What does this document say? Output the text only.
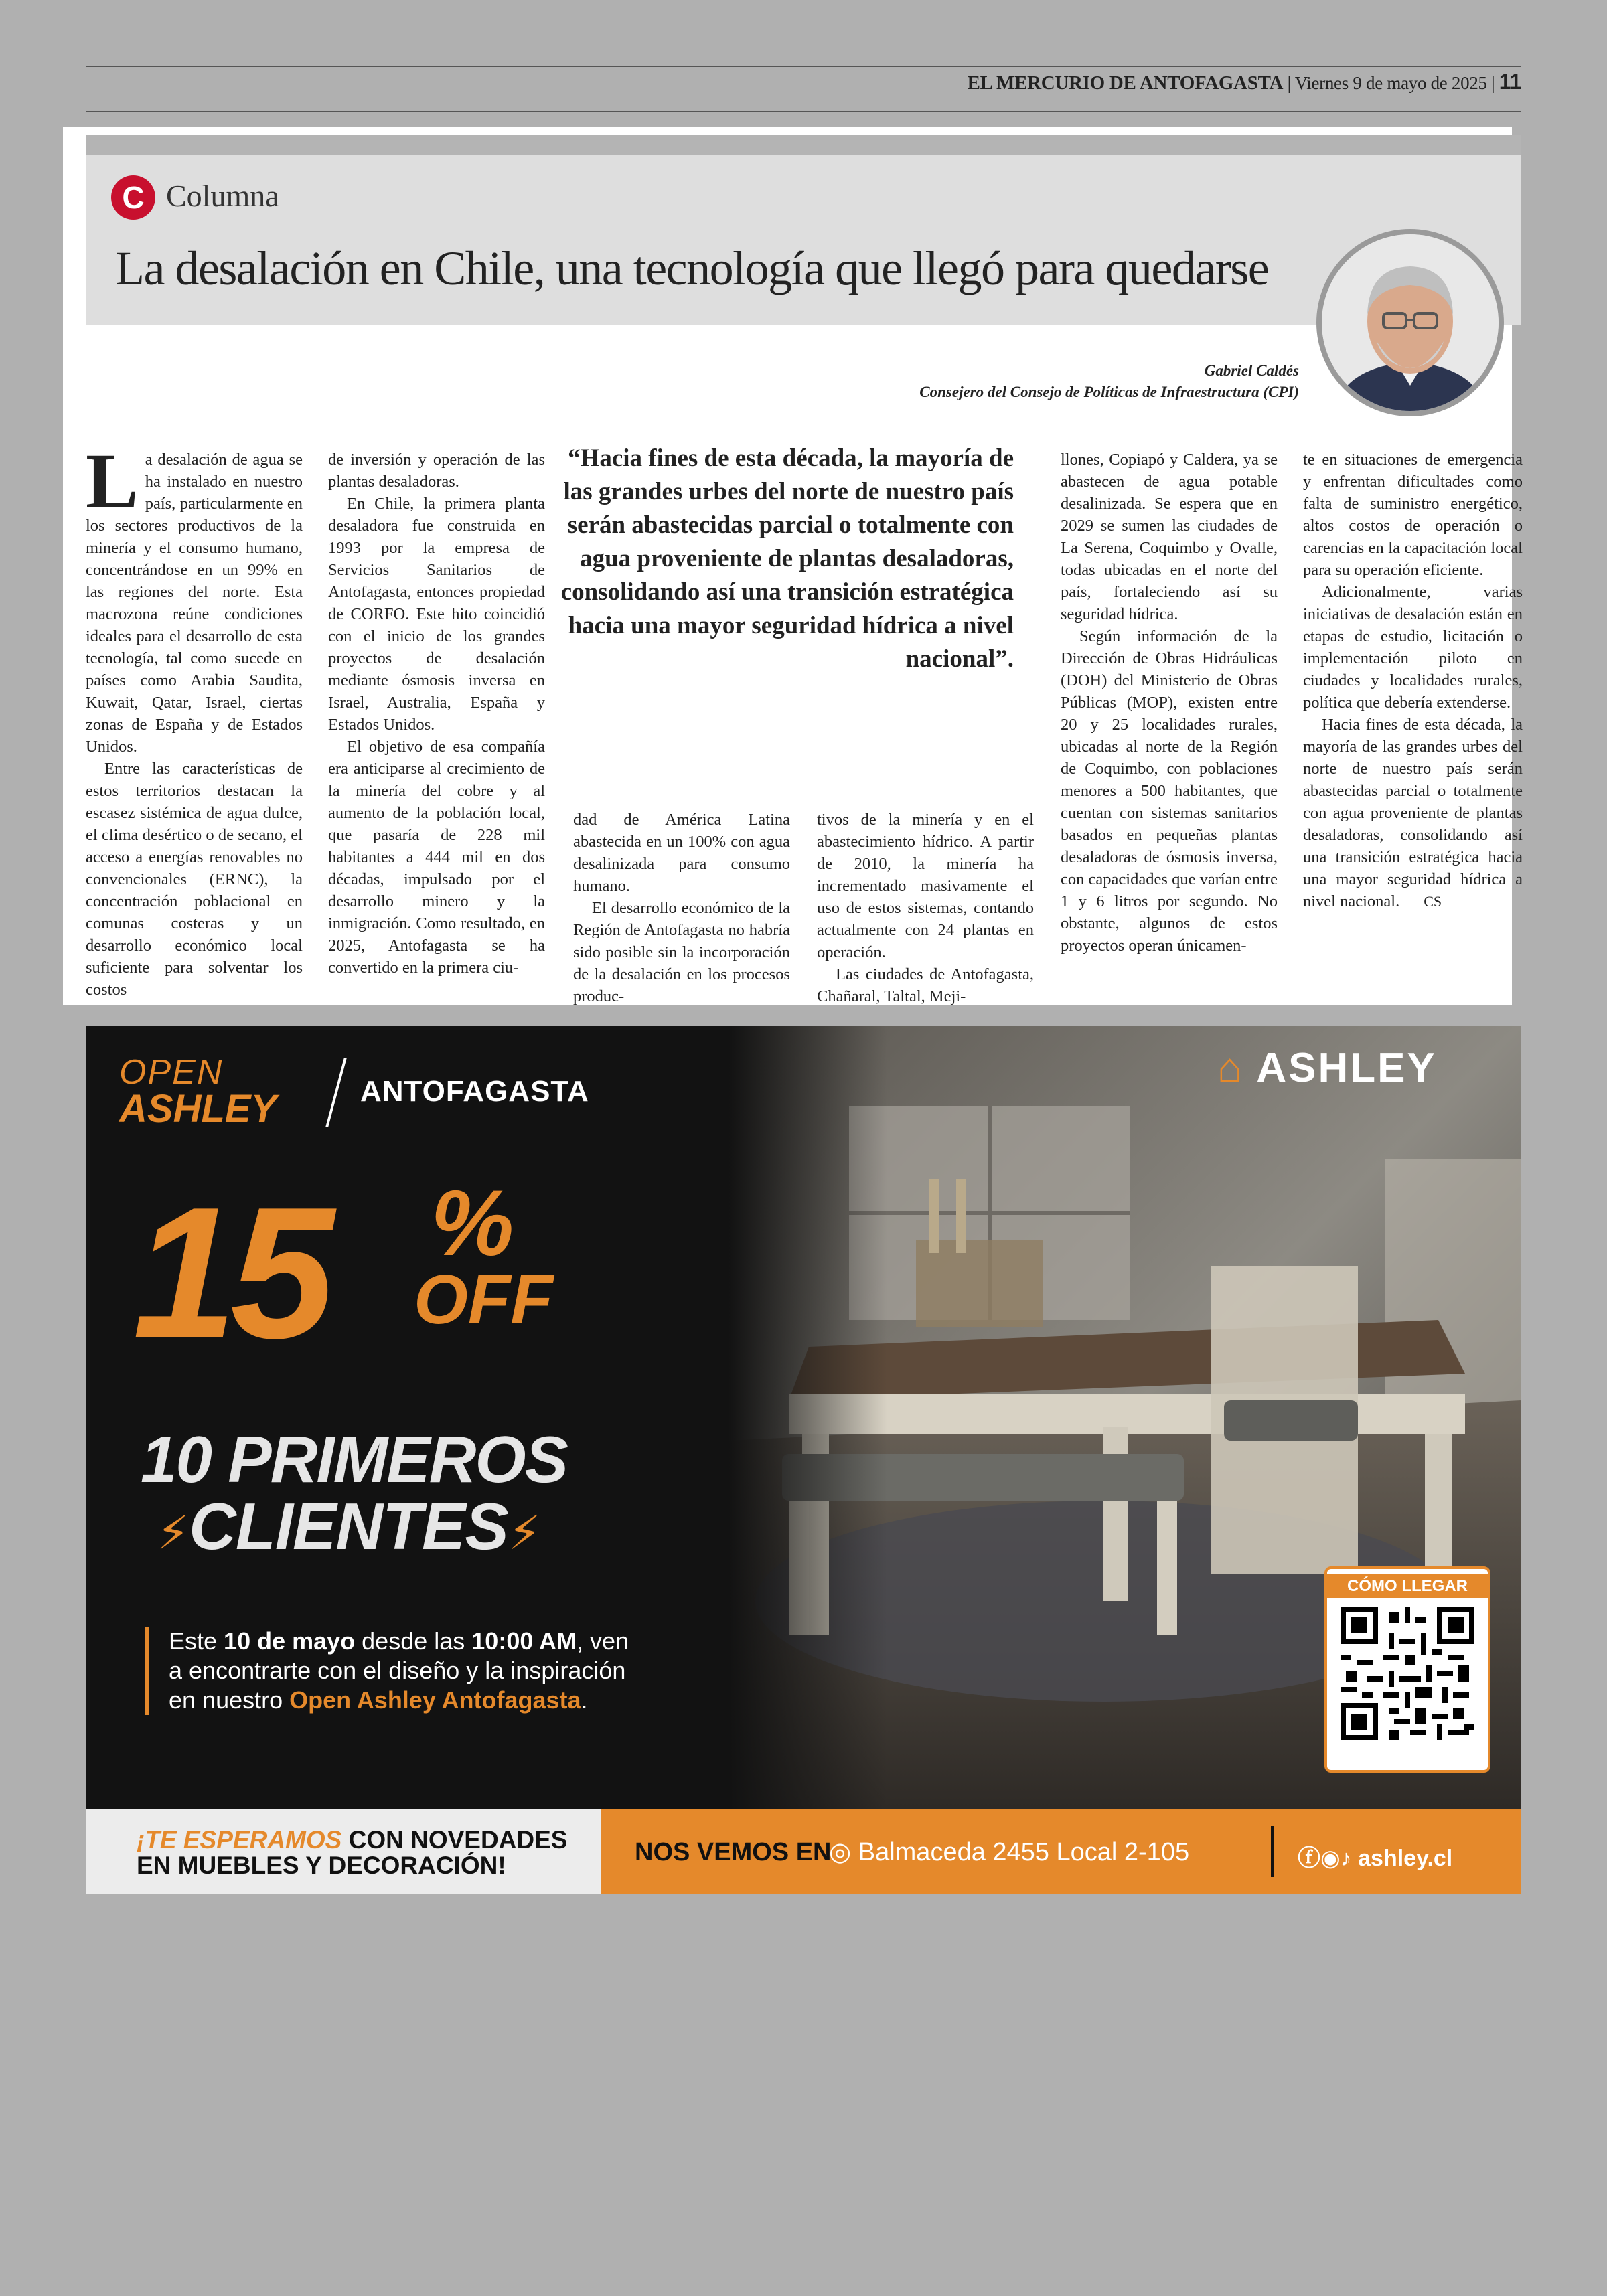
EL MERCURIO DE ANTOFAGASTA | Viernes 9 de mayo de 2025 | 11
C Columna
La desalación en Chile, una tecnología que llegó para quedarse
Gabriel Caldés
Consejero del Consejo de Políticas de Infraestructura (CPI)

La desalación de agua se ha instalado en nuestro país, particularmente en los sectores productivos de la minería y el consumo humano, concentrándose en un 99% en las regiones del norte. Esta macrozona reúne condiciones ideales para el desarrollo de esta tecnología, tal como sucede en países como Arabia Saudita, Kuwait, Qatar, Israel, ciertas zonas de España y de Estados Unidos.

Entre las características de estos territorios destacan la escasez sistémica de agua dulce, el clima desértico o de secano, el acceso a energías renovables no convencionales (ERNC), la concentración poblacional en comunas costeras y un desarrollo económico local suficiente para solventar los costos

de inversión y operación de las plantas desaladoras.

En Chile, la primera planta desaladora fue construida en 1993 por la empresa de Servicios Sanitarios de Antofagasta, entonces propiedad de CORFO. Este hito coincidió con el inicio de los grandes proyectos de desalación mediante ósmosis inversa en Israel, Australia, España y Estados Unidos.

El objetivo de esa compañía era anticiparse al crecimiento de la minería del cobre y al aumento de la población local, que pasaría de 228 mil habitantes a 444 mil en dos décadas, impulsado por el desarrollo minero y la inmigración. Como resultado, en 2025, Antofagasta se ha convertido en la primera ciu-

“Hacia fines de esta década, la mayoría de las grandes urbes del norte de nuestro país serán abastecidas parcial o totalmente con agua proveniente de plantas desaladoras, consolidando así una transición estratégica hacia una mayor seguridad hídrica a nivel nacional”.

dad de América Latina abastecida en un 100% con agua desalinizada para consumo humano.

El desarrollo económico de la Región de Antofagasta no habría sido posible sin la incorporación de la desalación en los procesos produc-

tivos de la minería y en el abastecimiento hídrico. A partir de 2010, la minería ha incrementado masivamente el uso de estos sistemas, contando actualmente con 24 plantas en operación.

Las ciudades de Antofagasta, Chañaral, Taltal, Meji-

llones, Copiapó y Caldera, ya se abastecen de agua potable desalinizada. Se espera que en 2029 se sumen las ciudades de La Serena, Coquimbo y Ovalle, todas ubicadas en el norte del país, fortaleciendo así su seguridad hídrica.

Según información de la Dirección de Obras Hidráulicas (DOH) del Ministerio de Obras Públicas (MOP), existen entre 20 y 25 localidades rurales, ubicadas al norte de la Región de Coquimbo, con poblaciones menores a 500 habitantes, que cuentan con sistemas sanitarios basados en pequeñas plantas desaladoras de ósmosis inversa, con capacidades que varían entre 1 y 6 litros por segundo. No obstante, algunos de estos proyectos operan únicamen-

te en situaciones de emergencia y enfrentan dificultades como falta de suministro energético, altos costos de operación o carencias en la capacitación local para su operación eficiente.

Adicionalmente, varias iniciativas de desalación están en etapas de estudio, licitación o implementación piloto en ciudades y localidades rurales, política que debería extenderse.

Hacia fines de esta década, la mayoría de las grandes urbes del norte de nuestro país serán abastecidas parcial o totalmente con agua proveniente de plantas desaladoras, consolidando así una transición estratégica hacia una mayor seguridad hídrica a nivel nacional. CS

OPEN
ASHLEY	ANTOFAGASTA
⌂ ASHLEY
15 %
OFF
10 PRIMEROS
⚡CLIENTES⚡
Este 10 de mayo desde las 10:00 AM, ven a encontrarte con el diseño y la inspiración en nuestro Open Ashley Antofagasta.
CÓMO LLEGAR
¡TE ESPERAMOS CON NOVEDADES
EN MUEBLES Y DECORACIÓN!	NOS VEMOS EN
◎ Balmaceda 2455 Local 2-105	ⓕ◉♪ ashley.cl
